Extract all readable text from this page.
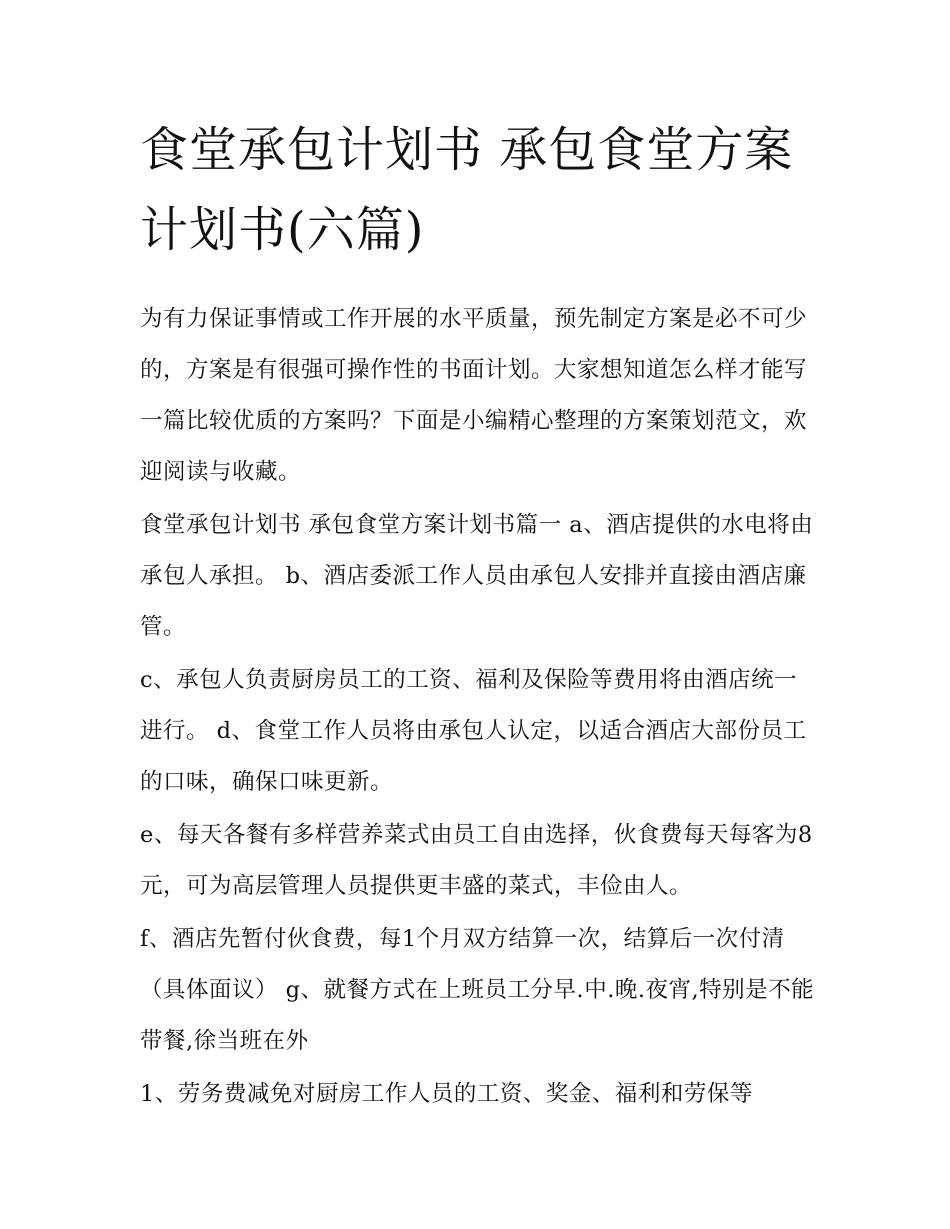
食堂承包计划书 承包食堂方案计划书(六篇)

为有力保证事情或工作开展的水平质量，预先制定方案是必不可少的，方案是有很强可操作性的书面计划。大家想知道怎么样才能写一篇比较优质的方案吗？下面是小编精心整理的方案策划范文，欢迎阅读与收藏。

食堂承包计划书 承包食堂方案计划书篇一 a、酒店提供的水电将由承包人承担。 b、酒店委派工作人员由承包人安排并直接由酒店廉管。

c、承包人负责厨房员工的工资、福利及保险等费用将由酒店统一进行。 d、食堂工作人员将由承包人认定，以适合酒店大部份员工的口味，确保口味更新。

e、每天各餐有多样营养菜式由员工自由选择，伙食费每天每客为8元，可为高层管理人员提供更丰盛的菜式，丰俭由人。

f、酒店先暂付伙食费，每1个月双方结算一次，结算后一次付清（具体面议） g、就餐方式在上班员工分早.中.晚.夜宵,特别是不能带餐,徐当班在外

1、劳务费减免对厨房工作人员的工资、奖金、福利和劳保等
